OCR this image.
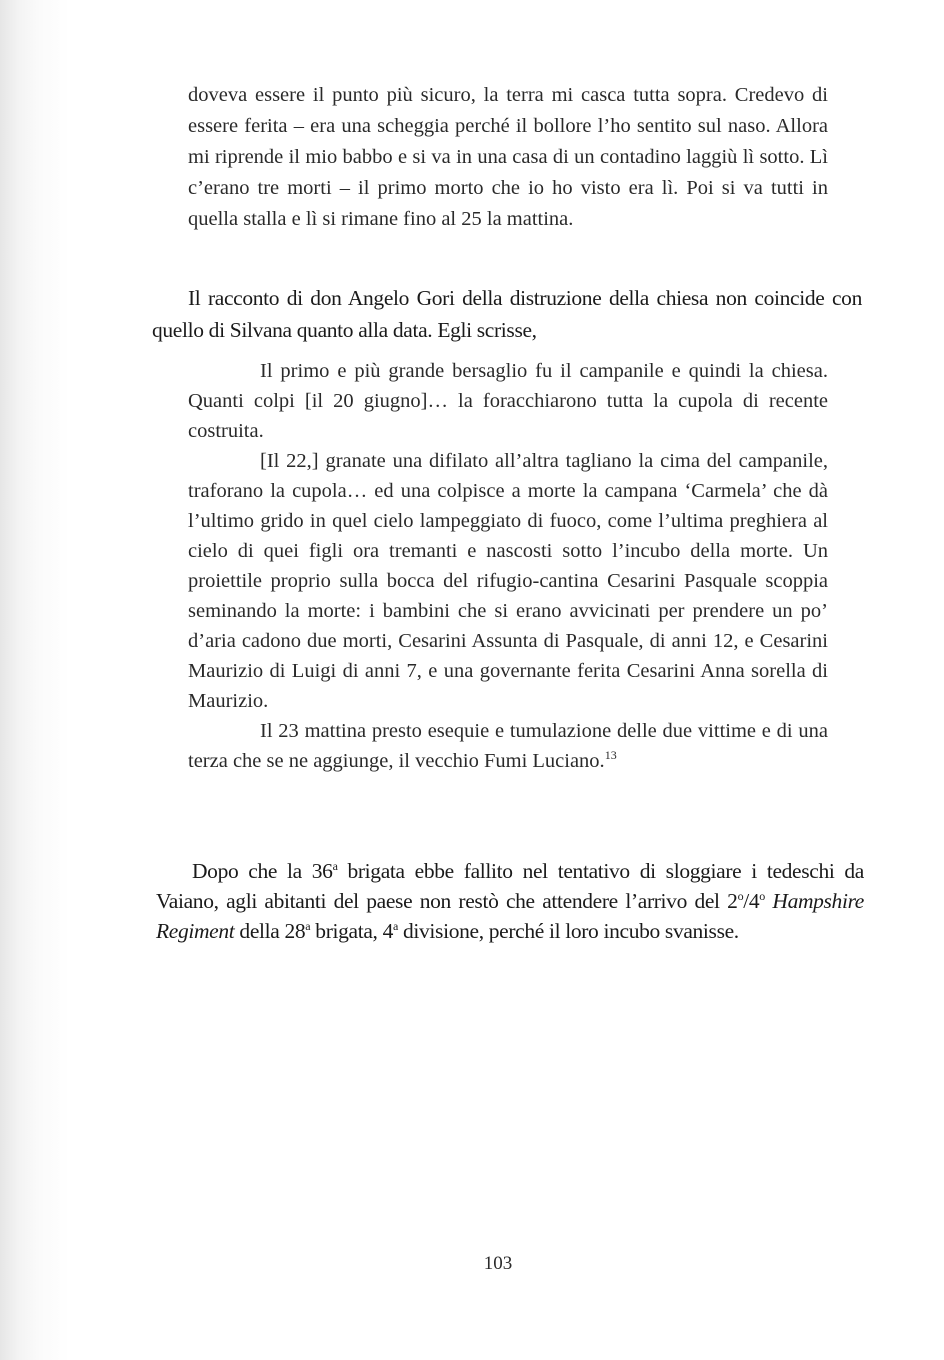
doveva essere il punto più sicuro, la terra mi casca tutta sopra. Credevo di essere ferita – era una scheggia perché il bollore l’ho sentito sul naso. Allora mi riprende il mio babbo e si va in una casa di un contadino laggiù lì sotto. Lì c’erano tre morti – il primo morto che io ho visto era lì. Poi si va tutti in quella stalla e lì si rimane fino al 25 la mattina.

Il racconto di don Angelo Gori della distruzione della chiesa non coincide con quello di Silvana quanto alla data. Egli scrisse,

Il primo e più grande bersaglio fu il campanile e quindi la chiesa. Quanti colpi [il 20 giugno]… la foracchiarono tutta la cupola di recente costruita.

[Il 22,] granate una difilato all’altra tagliano la cima del campanile, traforano la cupola… ed una colpisce a morte la campana ‘Carmela’ che dà l’ultimo grido in quel cielo lampeggiato di fuoco, come l’ultima preghiera al cielo di quei figli ora tremanti e nascosti sotto l’incubo della morte. Un proiettile proprio sulla bocca del rifugio-cantina Cesarini Pasquale scoppia seminando la morte: i bambini che si erano avvicinati per prendere un po’ d’aria cadono due morti, Cesarini Assunta di Pasquale, di anni 12, e Cesarini Maurizio di Luigi di anni 7, e una governante ferita Cesarini Anna sorella di Maurizio.

Il 23 mattina presto esequie e tumulazione delle due vittime e di una terza che se ne aggiunge, il vecchio Fumi Luciano.$^{13}$

Dopo che la 36$^a$ brigata ebbe fallito nel tentativo di sloggiare i tedeschi da Vaiano, agli abitanti del paese non restò che attendere l’arrivo del 2$^o$/4$^o$ Hampshire Regiment della 28$^a$ brigata, 4$^a$ divisione, perché il loro incubo svanisse.

103
